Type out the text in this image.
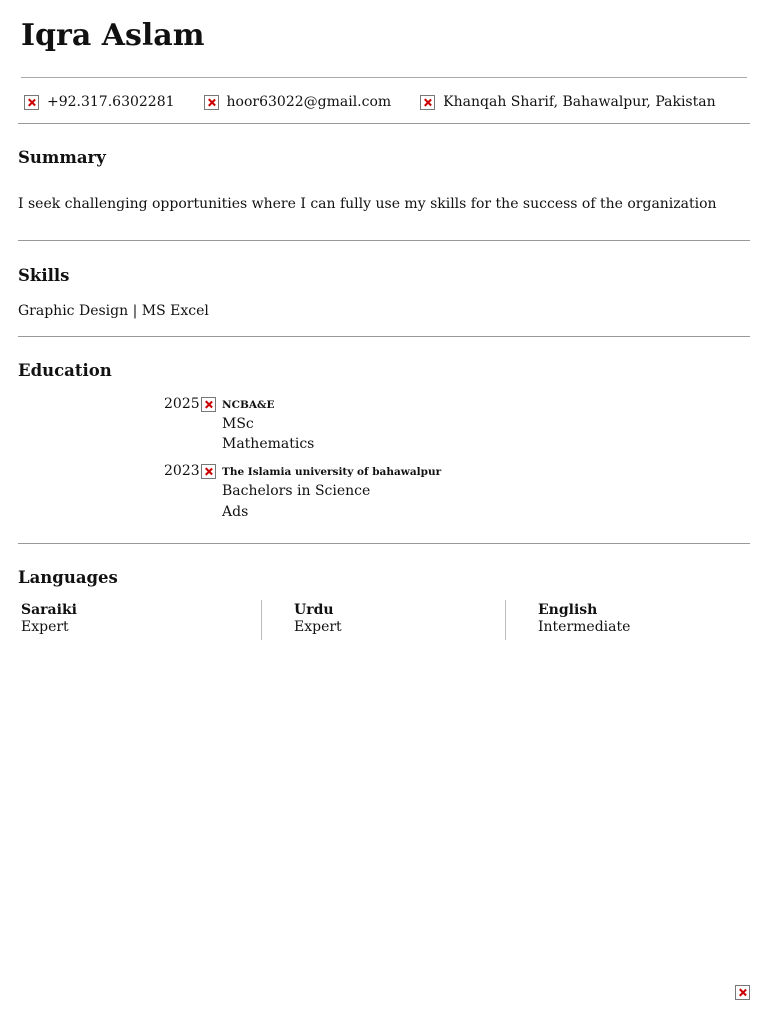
Iqra Aslam
+92.317.6302281	hoor63022@gmail.com	Khanqah Sharif, Bahawalpur, Pakistan
Summary
I seek challenging opportunities where I can fully use my skills for the success of the organization
Skills
Graphic Design | MS Excel
Education
2025 NCBA&E
MSc
Mathematics
2023 The Islamia university of bahawalpur
Bachelors in Science
Ads
Languages
Saraiki
Expert
Urdu
Expert
English
Intermediate
